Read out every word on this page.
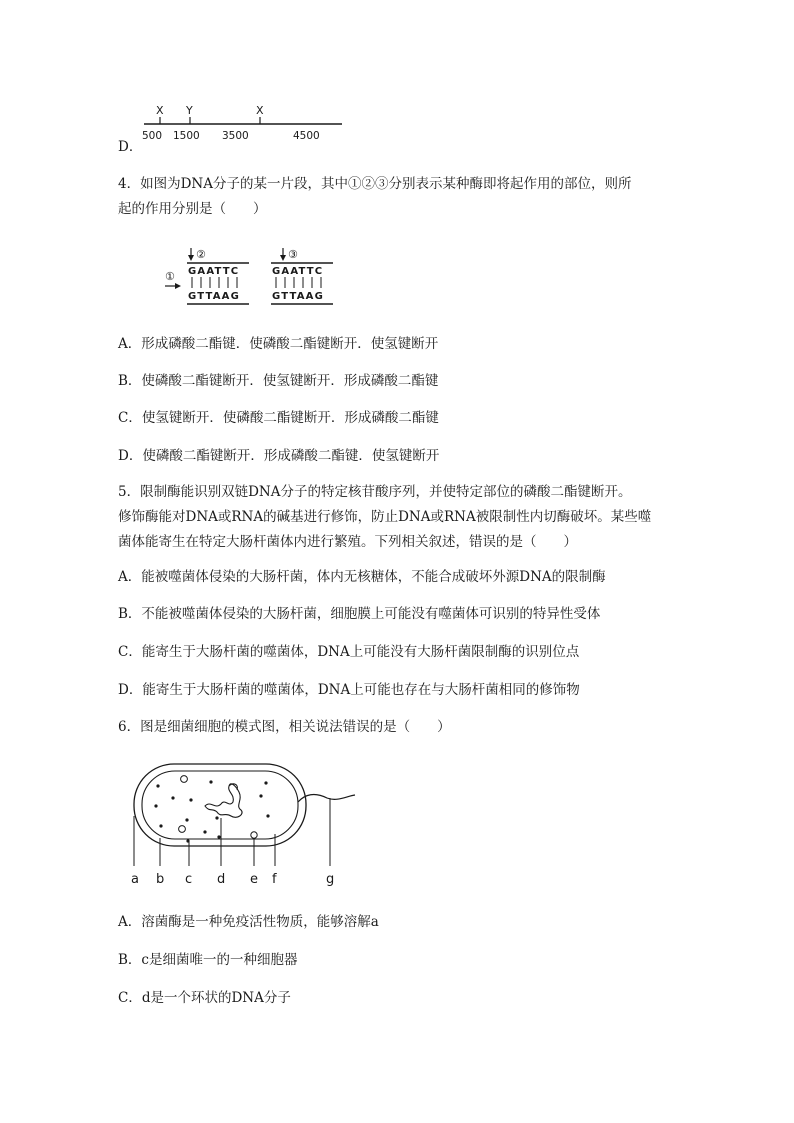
X Y	X
500 1500 3500	4500
D．
4．如图为DNA分子的某一片段，其中①②③分别表示某种酶即将起作用的部位，则所
起的作用分别是（　　）
②
GAATTC
GTTAAG
①
③
GAATTC
GTTAAG
A．形成磷酸二酯键．使磷酸二酯键断开．使氢键断开
B．使磷酸二酯键断开．使氢键断开．形成磷酸二酯键
C．使氢键断开．使磷酸二酯键断开．形成磷酸二酯键
D．使磷酸二酯键断开．形成磷酸二酯键．使氢键断开
5．限制酶能识别双链DNA分子的特定核苷酸序列，并使特定部位的磷酸二酯键断开。
修饰酶能对DNA或RNA的碱基进行修饰，防止DNA或RNA被限制性内切酶破坏。某些噬
菌体能寄生在特定大肠杆菌体内进行繁殖。下列相关叙述，错误的是（　　）
A．能被噬菌体侵染的大肠杆菌，体内无核糖体，不能合成破坏外源DNA的限制酶
B．不能被噬菌体侵染的大肠杆菌，细胞膜上可能没有噬菌体可识别的特异性受体
C．能寄生于大肠杆菌的噬菌体，DNA上可能没有大肠杆菌限制酶的识别位点
D．能寄生于大肠杆菌的噬菌体，DNA上可能也存在与大肠杆菌相同的修饰物
6．图是细菌细胞的模式图，相关说法错误的是（　　）
a b c d e f	g
A．溶菌酶是一种免疫活性物质，能够溶解a
B．c是细菌唯一的一种细胞器
C．d是一个环状的DNA分子
